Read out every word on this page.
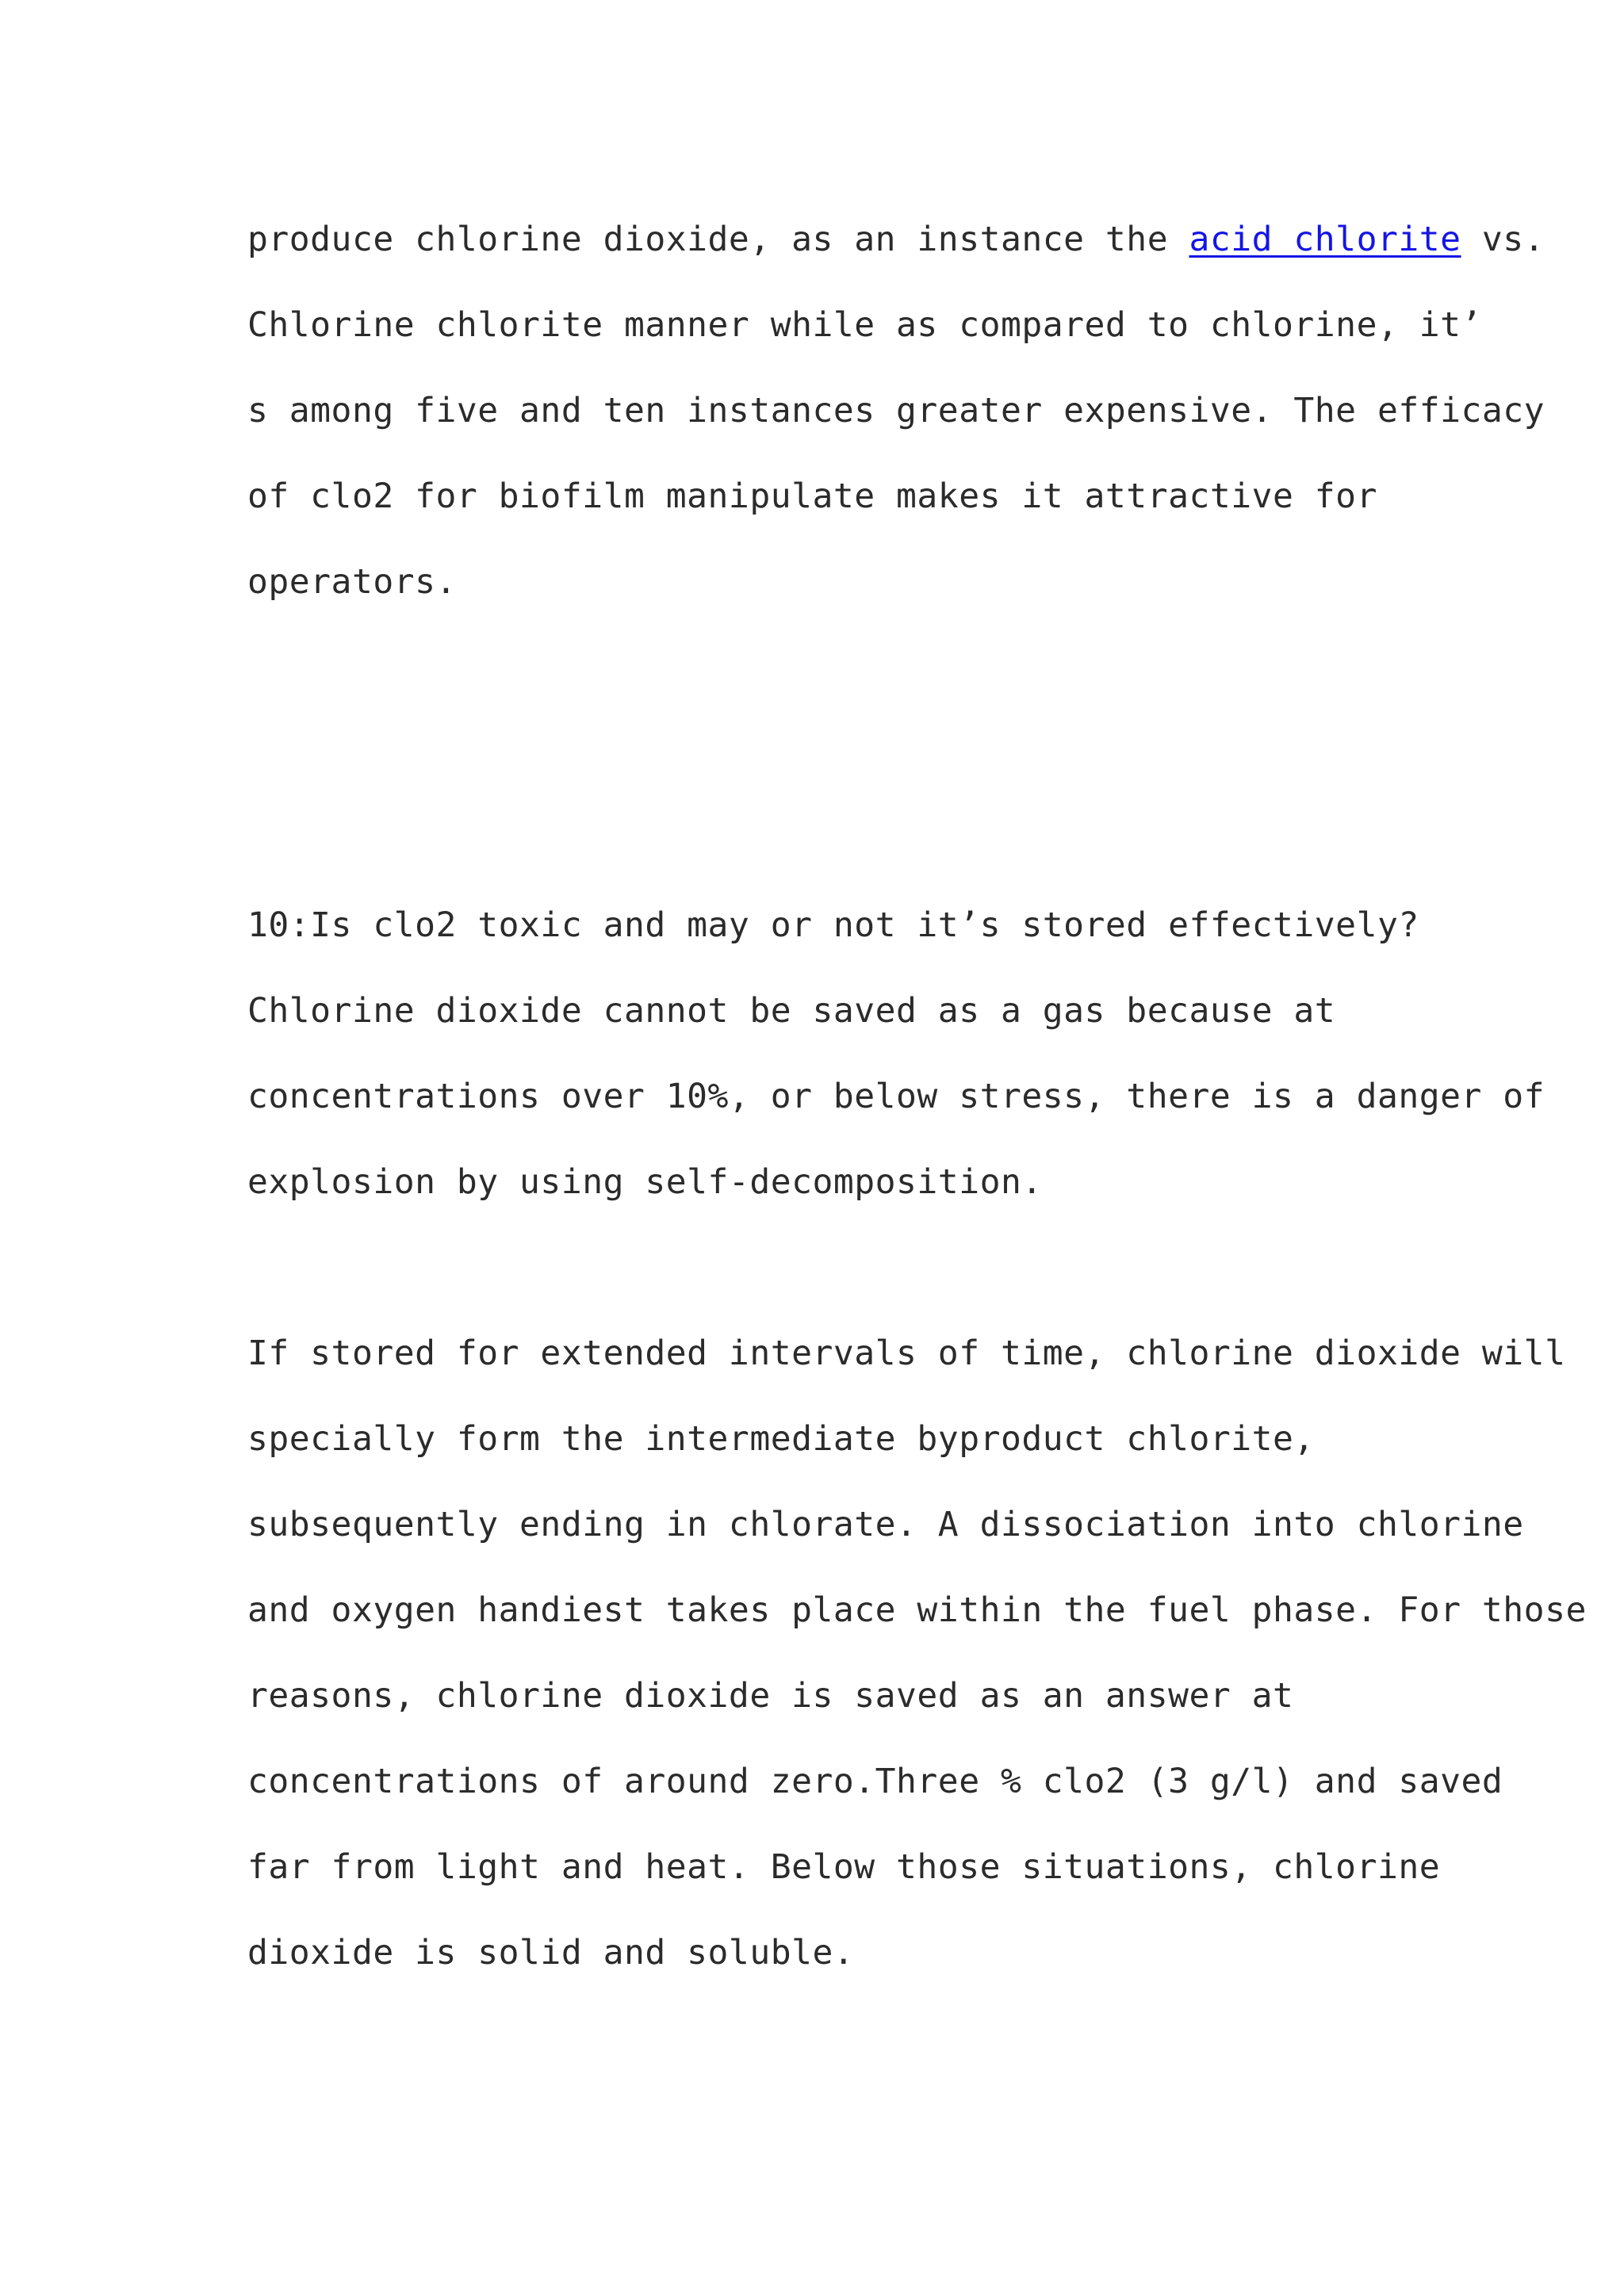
produce chlorine dioxide, as an instance the acid chlorite vs.

Chlorine chlorite manner while as compared to chlorine, it’

s among five and ten instances greater expensive. The efficacy

of clo2 for biofilm manipulate makes it attractive for

operators.

10:Is clo2 toxic and may or not it’s stored effectively?

Chlorine dioxide cannot be saved as a gas because at

concentrations over 10%, or below stress, there is a danger of

explosion by using self-decomposition.

If stored for extended intervals of time, chlorine dioxide will

specially form the intermediate byproduct chlorite,

subsequently ending in chlorate. A dissociation into chlorine

and oxygen handiest takes place within the fuel phase. For those

reasons, chlorine dioxide is saved as an answer at

concentrations of around zero.Three % clo2 (3 g/l) and saved

far from light and heat. Below those situations, chlorine

dioxide is solid and soluble.
